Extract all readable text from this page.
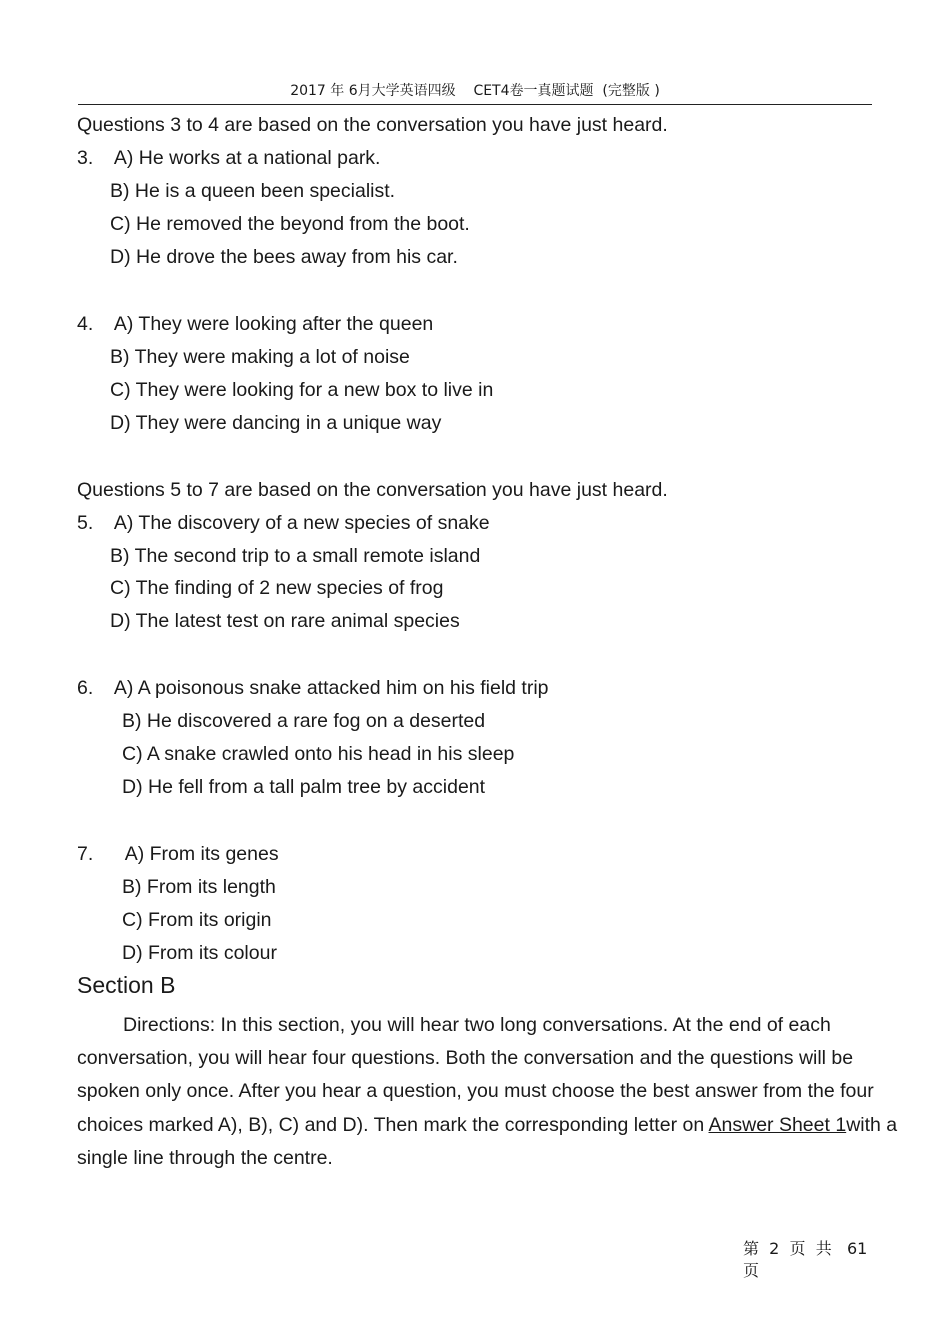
2017 年 6月大学英语四级    CET4卷一真题试题  (完整版 )
Questions 3 to 4 are based on the conversation you have just heard.
3.    A) He works at a national park.
B) He is a queen been specialist.
C) He removed the beyond from the boot.
D) He drove the bees away from his car.
4.    A) They were looking after the queen
B) They were making a lot of noise
C) They were looking for a new box to live in
D) They were dancing in a unique way
Questions 5 to 7 are based on the conversation you have just heard.
5.    A) The discovery of a new species of snake
B) The second trip to a small remote island
C) The finding of 2 new species of frog
D) The latest test on rare animal species
6.    A) A poisonous snake attacked him on his field trip
B) He discovered a rare fog on a deserted
C) A snake crawled onto his head in his sleep
D) He fell from a tall palm tree by accident
7.      A) From its genes
B) From its length
C) From its origin
D) From its colour
Section B

Directions: In this section, you will hear two long conversations. At the end of each conversation, you will hear four questions. Both the conversation and the questions will be spoken only once. After you hear a question, you must choose the best answer from the four choices marked A), B), C) and D). Then mark the corresponding letter on Answer Sheet 1with a single line through the centre.

第  2  页  共   61
页
